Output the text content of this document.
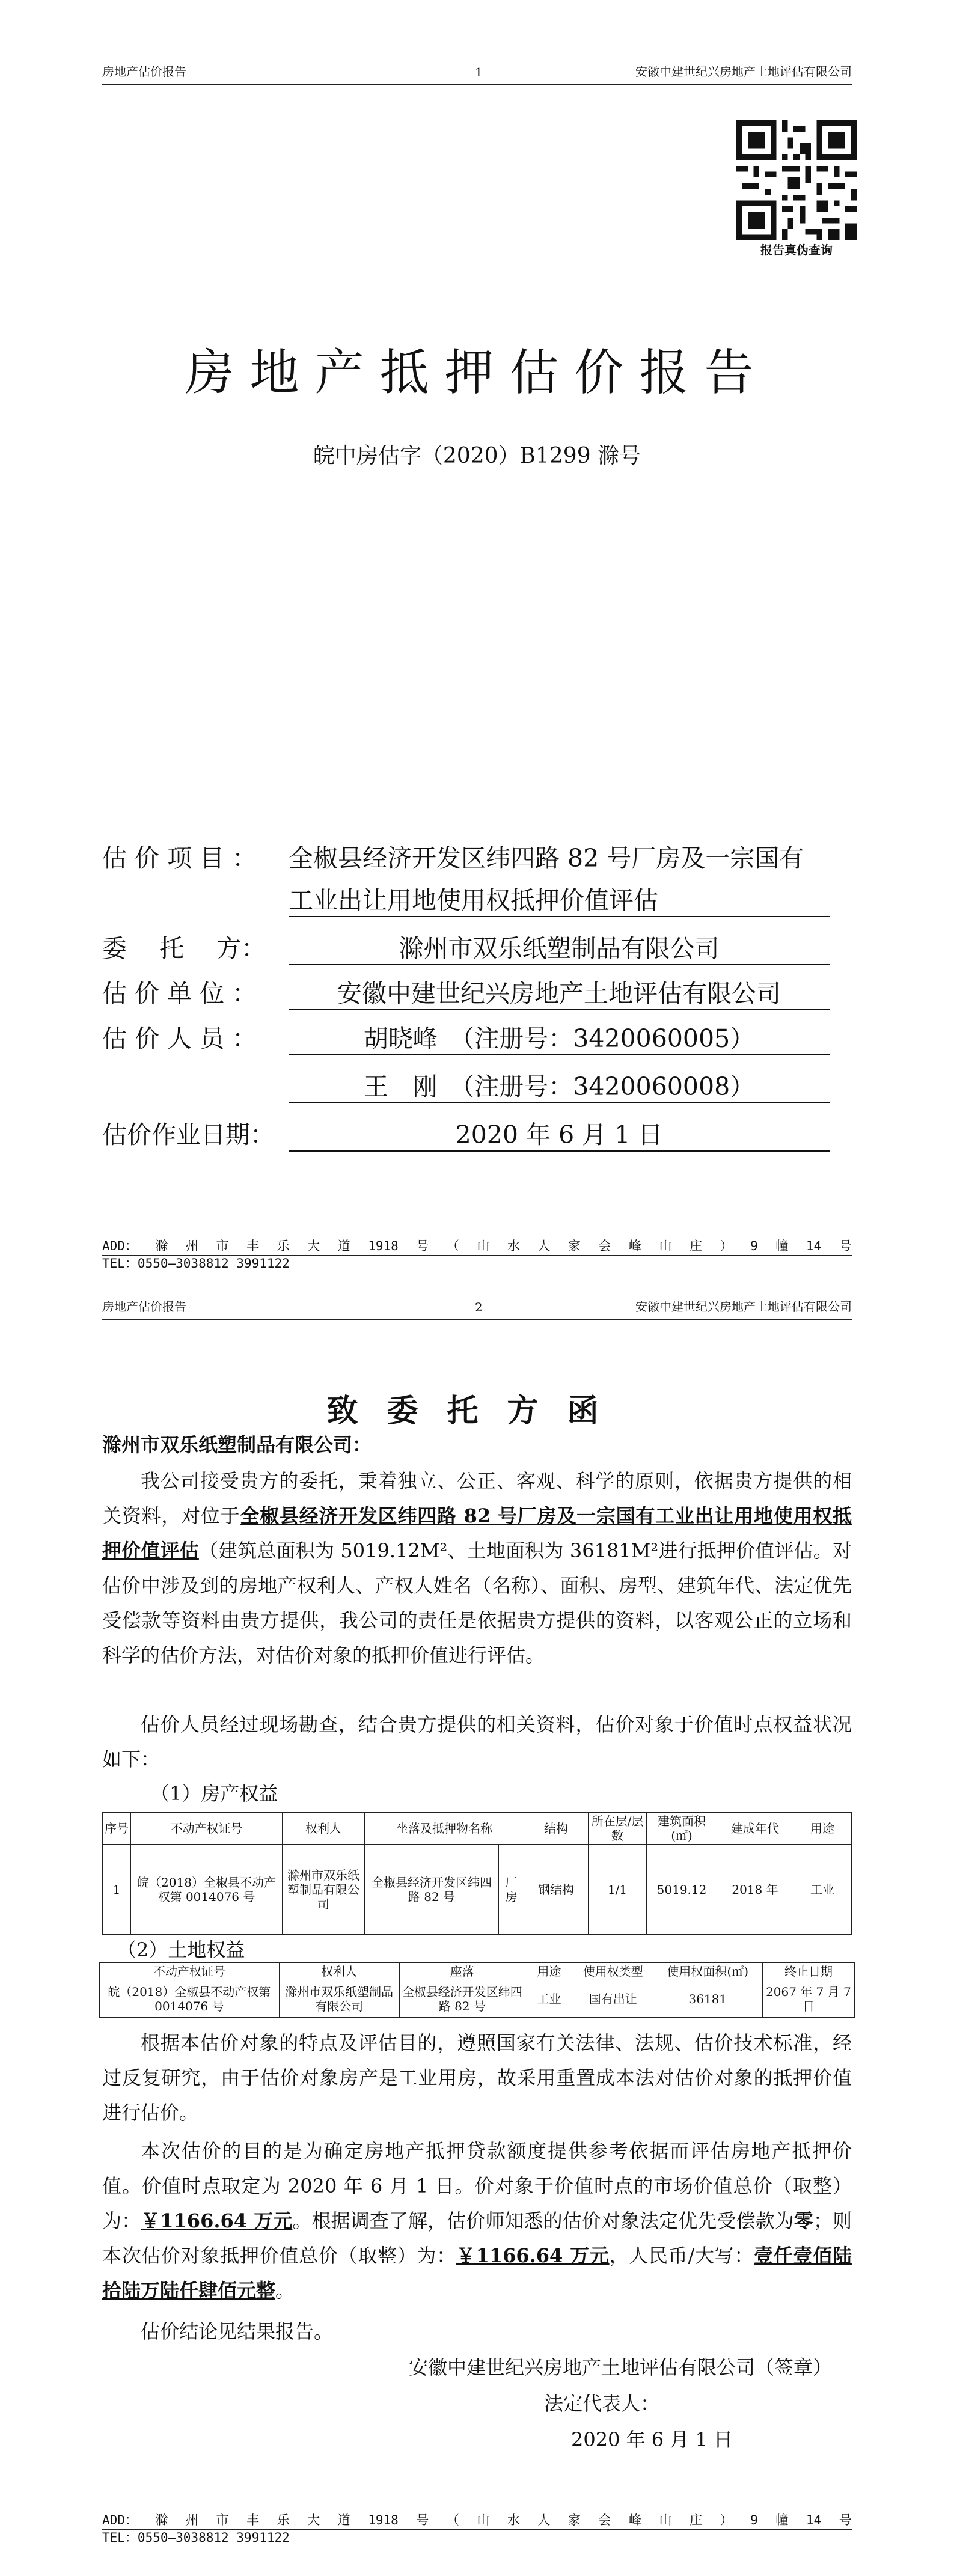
房地产估价报告	1	安徽中建世纪兴房地产土地评估有限公司
报告真伪查询
房地产抵押估价报告
皖中房估字（2020）B1299 滁号
估 价 项 目 ： 全椒县经济开发区纬四路 82 号厂房及一宗国有
工业出让用地使用权抵押价值评估
委　 托　 方：	滁州市双乐纸塑制品有限公司
估 价 单 位 ：	安徽中建世纪兴房地产土地评估有限公司
估 价 人 员 ：	胡晓峰　（注册号：3420060005）
王　刚　（注册号：3420060008）
估价作业日期：	2020 年 6 月 1 日
ADD： 滁 州 市 丰 乐 大 道 1918 号 （ 山 水 人 家 会 峰 山 庄 ） 9 幢 14 号
TEL：0550—3038812 3991122
房地产估价报告	2	安徽中建世纪兴房地产土地评估有限公司
致委托方函
滁州市双乐纸塑制品有限公司：
我公司接受贵方的委托，秉着独立、公正、客观、科学的原则，依据贵方提供的相关资料，对位于全椒县经济开发区纬四路 82 号厂房及一宗国有工业出让用地使用权抵押价值评估（建筑总面积为 5019.12M²、土地面积为 36181M²进行抵押价值评估。对估价中涉及到的房地产权利人、产权人姓名（名称）、面积、房型、建筑年代、法定优先受偿款等资料由贵方提供，我公司的责任是依据贵方提供的资料，以客观公正的立场和科学的估价方法，对估价对象的抵押价值进行评估。
估价人员经过现场勘查，结合贵方提供的相关资料，估价对象于价值时点权益状况如下：
（1）房产权益
序号	不动产权证号	权利人	坐落及抵押物名称		结构	所在层/层数	建筑面积(㎡)	建成年代	用途
1	皖（2018）全椒县不动产权第 0014076 号	滁州市双乐纸塑制品有限公司	全椒县经济开发区纬四路 82 号	厂房	钢结构	1/1	5019.12	2018 年	工业
（2）土地权益
不动产权证号	权利人	座落	用途	使用权类型	使用权面积(㎡)	终止日期
皖（2018）全椒县不动产权第 0014076 号	滁州市双乐纸塑制品有限公司	全椒县经济开发区纬四路 82 号	工业	国有出让	36181	2067 年 7 月 7 日
根据本估价对象的特点及评估目的，遵照国家有关法律、法规、估价技术标准，经过反复研究，由于估价对象房产是工业用房，故采用重置成本法对估价对象的抵押价值进行估价。
本次估价的目的是为确定房地产抵押贷款额度提供参考依据而评估房地产抵押价值。价值时点取定为 2020 年 6 月 1 日。价对象于价值时点的市场价值总价（取整）为：￥1166.64 万元。根据调查了解，估价师知悉的估价对象法定优先受偿款为零；则本次估价对象抵押价值总价（取整）为：￥1166.64 万元，人民币/大写：壹仟壹佰陆拾陆万陆仟肆佰元整。
估价结论见结果报告。
安徽中建世纪兴房地产土地评估有限公司（签章）
法定代表人：
2020 年 6 月 1 日
ADD： 滁 州 市 丰 乐 大 道 1918 号 （ 山 水 人 家 会 峰 山 庄 ） 9 幢 14 号
TEL：0550—3038812 3991122
